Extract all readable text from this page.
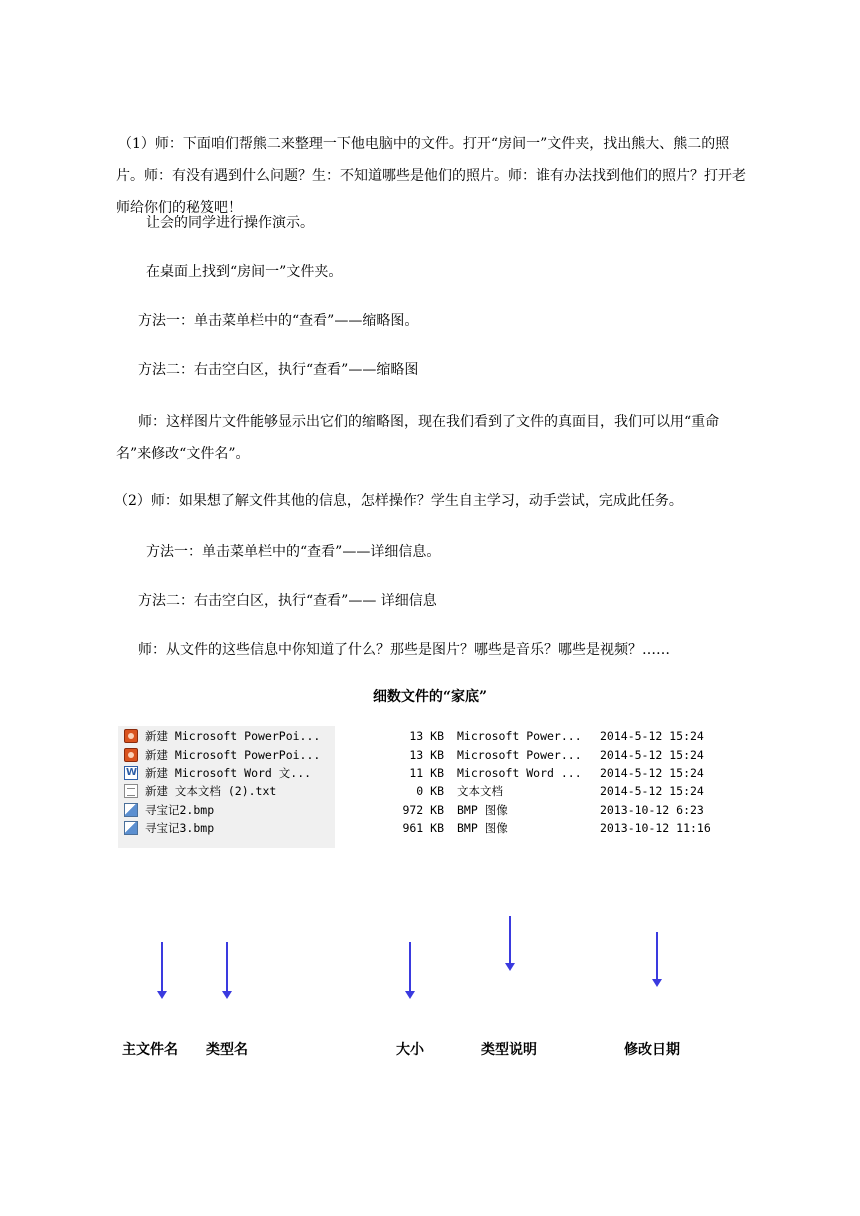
（1）师：下面咱们帮熊二来整理一下他电脑中的文件。打开“房间一”文件夹，找出熊大、熊二的照片。师：有没有遇到什么问题？生：不知道哪些是他们的照片。师：谁有办法找到他们的照片？打开老师给你们的秘笈吧！

让会的同学进行操作演示。

在桌面上找到“房间一”文件夹。

方法一：单击菜单栏中的“查看”——缩略图。

方法二：右击空白区，执行“查看”——缩略图

师：这样图片文件能够显示出它们的缩略图，现在我们看到了文件的真面目，我们可以用“重命名”来修改“文件名”。

（2）师：如果想了解文件其他的信息，怎样操作？学生自主学习，动手尝试，完成此任务。

方法一：单击菜单栏中的“查看”——详细信息。

方法二：右击空白区，执行“查看”—— 详细信息

师：从文件的这些信息中你知道了什么？那些是图片？哪些是音乐？哪些是视频？……

细数文件的“家底”
新建 Microsoft PowerPoi...	13 KB Microsoft Power... 2014-5-12 15:24
新建 Microsoft PowerPoi...	13 KB Microsoft Power... 2014-5-12 15:24
W
新建 Microsoft Word 文...	11 KB Microsoft Word ... 2014-5-12 15:24
新建 文本文档 (2).txt	0 KB 文本文档	2014-5-12 15:24
寻宝记2.bmp	972 KB BMP 图像	2013-10-12 6:23
寻宝记3.bmp	961 KB BMP 图像	2013-10-12 11:16
主文件名 类型名	大小	类型说明	修改日期
